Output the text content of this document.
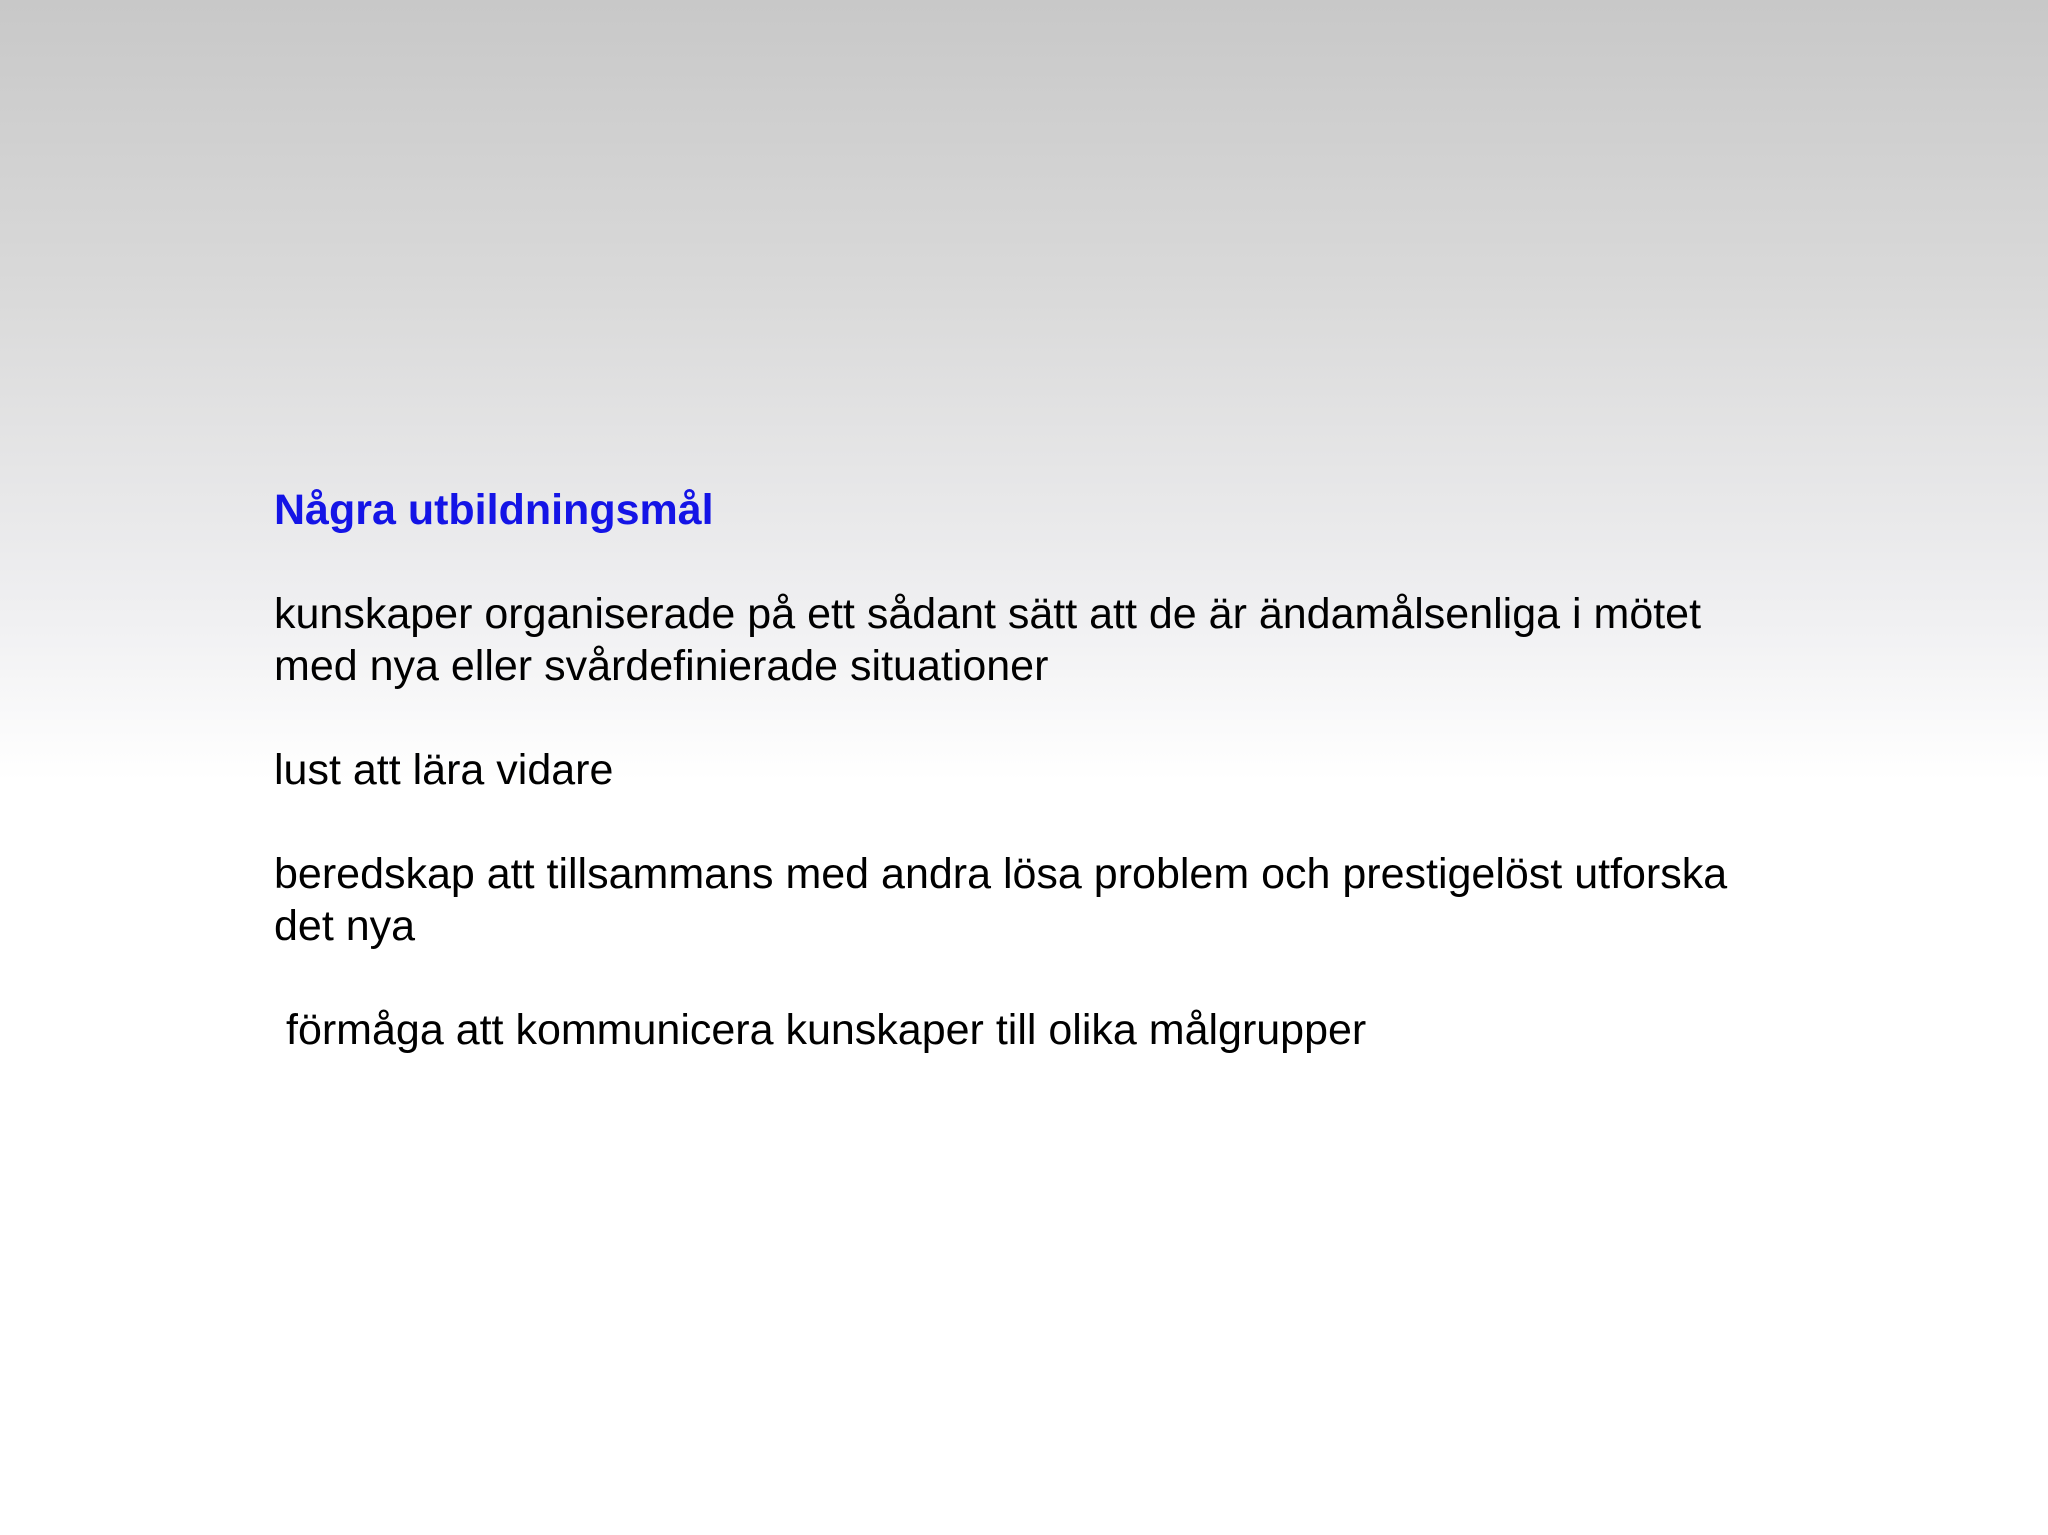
Några utbildningsmål
kunskaper organiserade på ett sådant sätt att de är ändamålsenliga i mötet
med nya eller svårdefinierade situationer
lust att lära vidare
beredskap att tillsammans med andra lösa problem och prestigelöst utforska
det nya
förmåga att kommunicera kunskaper till olika målgrupper
